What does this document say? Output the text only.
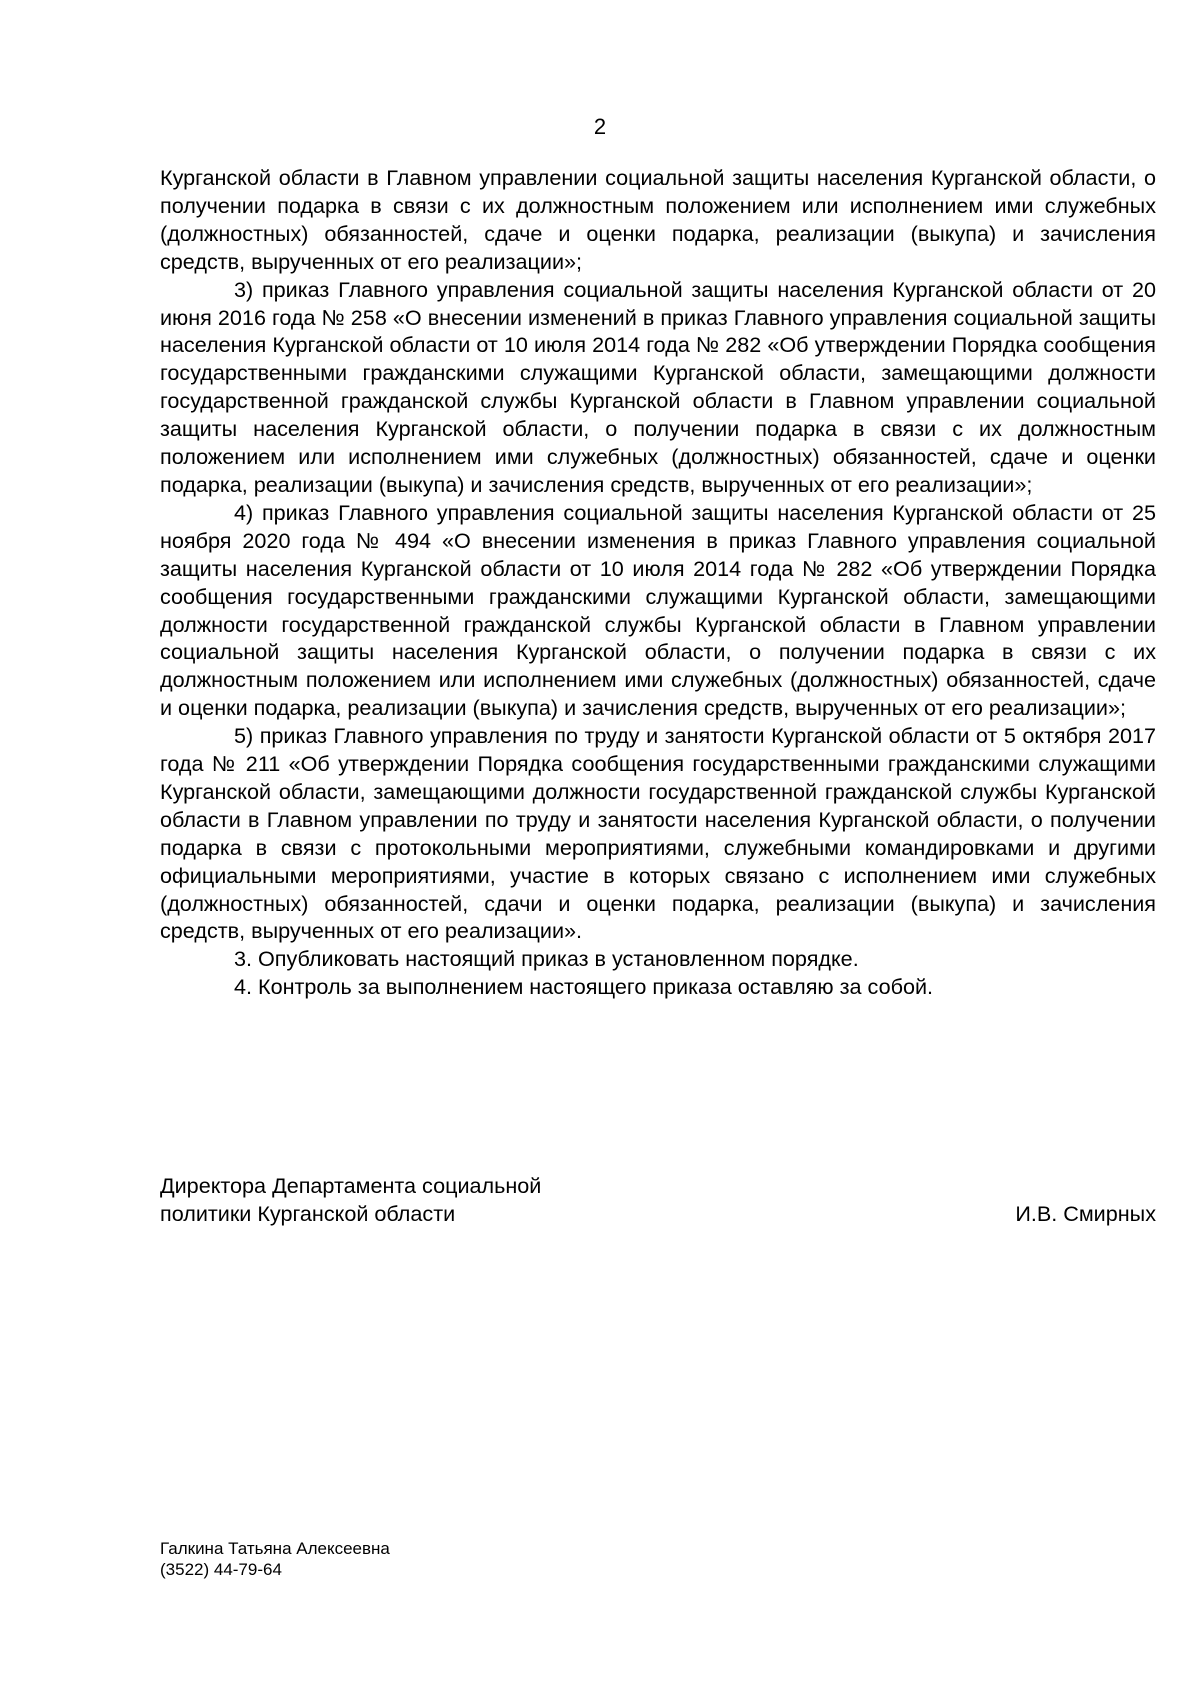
2

Курганской области в Главном управлении социальной защиты населения Курганской области, о получении подарка в связи с их должностным положением или исполнением ими служебных (должностных) обязанностей, сдаче и оценки подарка, реализации (выкупа) и зачисления средств, вырученных от его реализации»;

3) приказ Главного управления социальной защиты населения Курганской области от 20 июня 2016 года № 258 «О внесении изменений в приказ Главного управления социальной защиты населения Курганской области от 10 июля 2014 года № 282 «Об утверждении Порядка сообщения государственными гражданскими служащими Курганской области, замещающими должности государственной гражданской службы Курганской области в Главном управлении социальной защиты населения Курганской области, о получении подарка в связи с их должностным положением или исполнением ими служебных (должностных) обязанностей, сдаче и оценки подарка, реализации (выкупа) и зачисления средств, вырученных от его реализации»;

4) приказ Главного управления социальной защиты населения Курганской области от 25 ноября 2020 года № 494 «О внесении изменения в приказ Главного управления социальной защиты населения Курганской области от 10 июля 2014 года № 282 «Об утверждении Порядка сообщения государственными гражданскими служащими Курганской области, замещающими должности государственной гражданской службы Курганской области в Главном управлении социальной защиты населения Курганской области, о получении подарка в связи с их должностным положением или исполнением ими служебных (должностных) обязанностей, сдаче и оценки подарка, реализации (выкупа) и зачисления средств, вырученных от его реализации»;

5) приказ Главного управления по труду и занятости Курганской области от 5 октября 2017 года № 211 «Об утверждении Порядка сообщения государственными гражданскими служащими Курганской области, замещающими должности государственной гражданской службы Курганской области в Главном управлении по труду и занятости населения Курганской области, о получении подарка в связи с протокольными мероприятиями, служебными командировками и другими официальными мероприятиями, участие в которых связано с исполнением ими служебных (должностных) обязанностей, сдачи и оценки подарка, реализации (выкупа) и зачисления средств, вырученных от его реализации».

3. Опубликовать настоящий приказ в установленном порядке.

4. Контроль за выполнением настоящего приказа оставляю за собой.

Директора Департамента социальной
политики Курганской области	И.В. Смирных
Галкина Татьяна Алексеевна
(3522) 44-79-64
